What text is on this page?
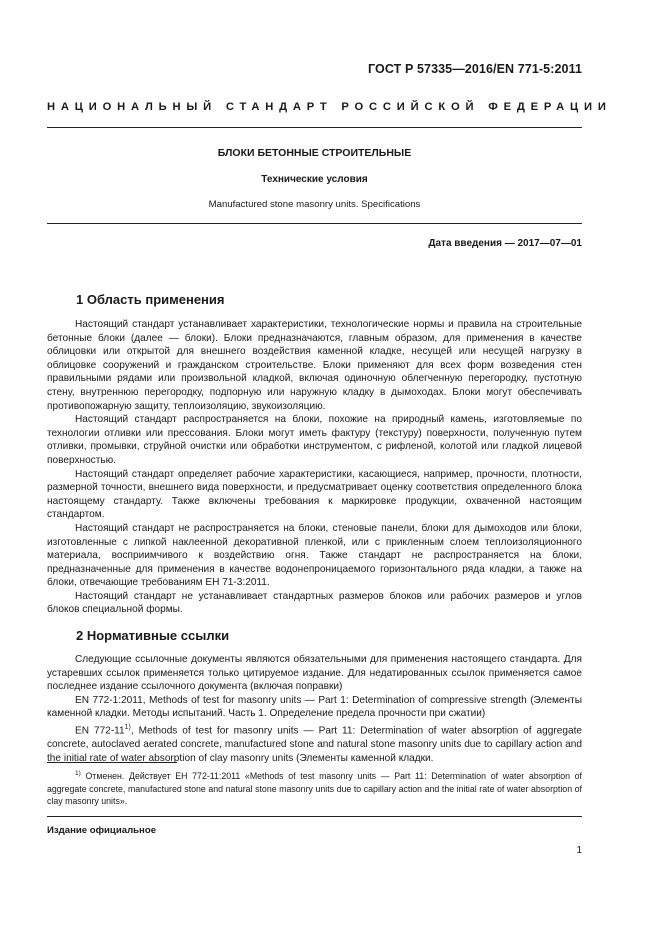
ГОСТ Р 57335—2016/EN 771-5:2011
НАЦИОНАЛЬНЫЙ СТАНДАРТ РОССИЙСКОЙ ФЕДЕРАЦИИ
БЛОКИ БЕТОННЫЕ СТРОИТЕЛЬНЫЕ
Технические условия
Manufactured stone masonry units. Specifications
Дата введения — 2017—07—01
1 Область применения

Настоящий стандарт устанавливает характеристики, технологические нормы и правила на строительные бетонные блоки (далее — блоки). Блоки предназначаются, главным образом, для применения в качестве облицовки или открытой для внешнего воздействия каменной кладке, несущей или несущей нагрузку в облицовке сооружений и гражданском строительстве. Блоки применяют для всех форм возведения стен правильными рядами или произвольной кладкой, включая одиночную облегченную перегородку, пустотную стену, внутреннюю перегородку, подпорную или наружную кладку в дымоходах. Блоки могут обеспечивать противопожарную защиту, теплоизоляцию, звукоизоляцию.

Настоящий стандарт распространяется на блоки, похожие на природный камень, изготовляемые по технологии отливки или прессования. Блоки могут иметь фактуру (текстуру) поверхности, полученную путем отливки, промывки, струйной очистки или обработки инструментом, с рифленой, колотой или гладкой лицевой поверхностью.

Настоящий стандарт определяет рабочие характеристики, касающиеся, например, прочности, плотности, размерной точности, внешнего вида поверхности, и предусматривает оценку соответствия определенного блока настоящему стандарту. Также включены требования к маркировке продукции, охваченной настоящим стандартом.

Настоящий стандарт не распространяется на блоки, стеновые панели, блоки для дымоходов или блоки, изготовленные с липкой наклеенной декоративной пленкой, или с прикленным слоем теплоизоляционного материала, восприимчивого к воздействию огня. Также стандарт не распространяется на блоки, предназначенные для применения в качестве водонепроницаемого горизонтального ряда кладки, а также на блоки, отвечающие требованиям ЕН 71-3:2011.

Настоящий стандарт не устанавливает стандартных размеров блоков или рабочих размеров и углов блоков специальной формы.

2 Нормативные ссылки

Следующие ссылочные документы являются обязательными для применения настоящего стандарта. Для устаревших ссылок применяется только цитируемое издание. Для недатированных ссылок применяется самое последнее издание ссылочного документа (включая поправки)

EN 772-1:2011, Methods of test for masonry units — Part 1: Determination of compressive strength (Элементы каменной кладки. Методы испытаний. Часть 1. Определение предела прочности при сжатии)

EN 772-11$^{1)}$, Methods of test for masonry units — Part 11: Determination of water absorption of aggregate concrete, autoclaved aerated concrete, manufactured stone and natural stone masonry units due to capillary action and the initial rate of water absorption of clay masonry units (Элементы каменной кладки.

$^{1)}$ Отменен. Действует ЕН 772-11:2011 «Methods of test masonry units — Part 11: Determination of water absorption of aggregate concrete, manufactured stone and natural stone masonry units due to capillary action and the initial rate of water absorption of clay masonry units».

Издание официальное
1
